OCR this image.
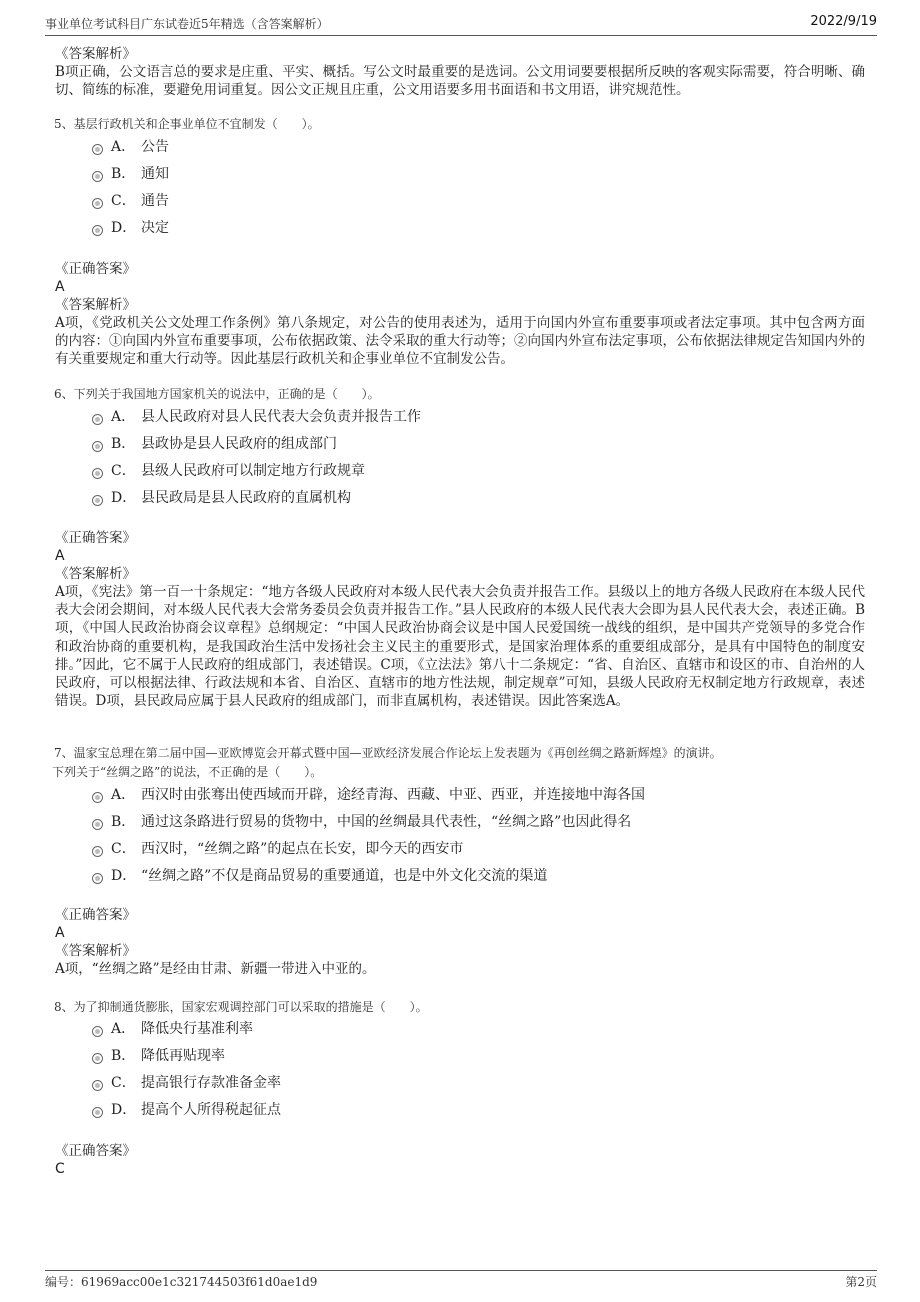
事业单位考试科目广东试卷近5年精选（含答案解析）	2022/9/19
《答案解析》
B项正确，公文语言总的要求是庄重、平实、概括。写公文时最重要的是选词。公文用词要要根据所反映的客观实际需要，符合明晰、确切、简练的标准，要避免用词重复。因公文正规且庄重，公文用语要多用书面语和书文用语，讲究规范性。
5、基层行政机关和企事业单位不宜制发（　　）。
A． 公告
B． 通知
C． 通告
D． 决定
《正确答案》
A
《答案解析》
A项，《党政机关公文处理工作条例》第八条规定，对公告的使用表述为，适用于向国内外宣布重要事项或者法定事项。其中包含两方面的内容：①向国内外宣布重要事项，公布依据政策、法令采取的重大行动等；②向国内外宣布法定事项，公布依据法律规定告知国内外的有关重要规定和重大行动等。因此基层行政机关和企事业单位不宜制发公告。
6、下列关于我国地方国家机关的说法中，正确的是（　　）。
A． 县人民政府对县人民代表大会负责并报告工作
B． 县政协是县人民政府的组成部门
C． 县级人民政府可以制定地方行政规章
D． 县民政局是县人民政府的直属机构
《正确答案》
A
《答案解析》
A项，《宪法》第一百一十条规定：“地方各级人民政府对本级人民代表大会负责并报告工作。县级以上的地方各级人民政府在本级人民代表大会闭会期间，对本级人民代表大会常务委员会负责并报告工作。”县人民政府的本级人民代表大会即为县人民代表大会，表述正确。B项，《中国人民政治协商会议章程》总纲规定：“中国人民政治协商会议是中国人民爱国统一战线的组织，是中国共产党领导的多党合作和政治协商的重要机构，是我国政治生活中发扬社会主义民主的重要形式，是国家治理体系的重要组成部分，是具有中国特色的制度安排。”因此，它不属于人民政府的组成部门，表述错误。C项，《立法法》第八十二条规定：“省、自治区、直辖市和设区的市、自治州的人民政府，可以根据法律、行政法规和本省、自治区、直辖市的地方性法规，制定规章”可知，县级人民政府无权制定地方行政规章，表述错误。D项，县民政局应属于县人民政府的组成部门，而非直属机构，表述错误。因此答案选A。
7、温家宝总理在第二届中国—亚欧博览会开幕式暨中国—亚欧经济发展合作论坛上发表题为《再创丝绸之路新辉煌》的演讲。
下列关于“丝绸之路”的说法，不正确的是（　　）。
A． 西汉时由张骞出使西域而开辟，途经青海、西藏、中亚、西亚，并连接地中海各国
B． 通过这条路进行贸易的货物中，中国的丝绸最具代表性，“丝绸之路”也因此得名
C． 西汉时，“丝绸之路”的起点在长安，即今天的西安市
D． “丝绸之路”不仅是商品贸易的重要通道，也是中外文化交流的渠道
《正确答案》
A
《答案解析》
A项，“丝绸之路”是经由甘肃、新疆一带进入中亚的。
8、为了抑制通货膨胀，国家宏观调控部门可以采取的措施是（　　）。
A． 降低央行基准利率
B． 降低再贴现率
C． 提高银行存款准备金率
D． 提高个人所得税起征点
《正确答案》
C
编号：61969acc00e1c321744503f61d0ae1d9	第2页
